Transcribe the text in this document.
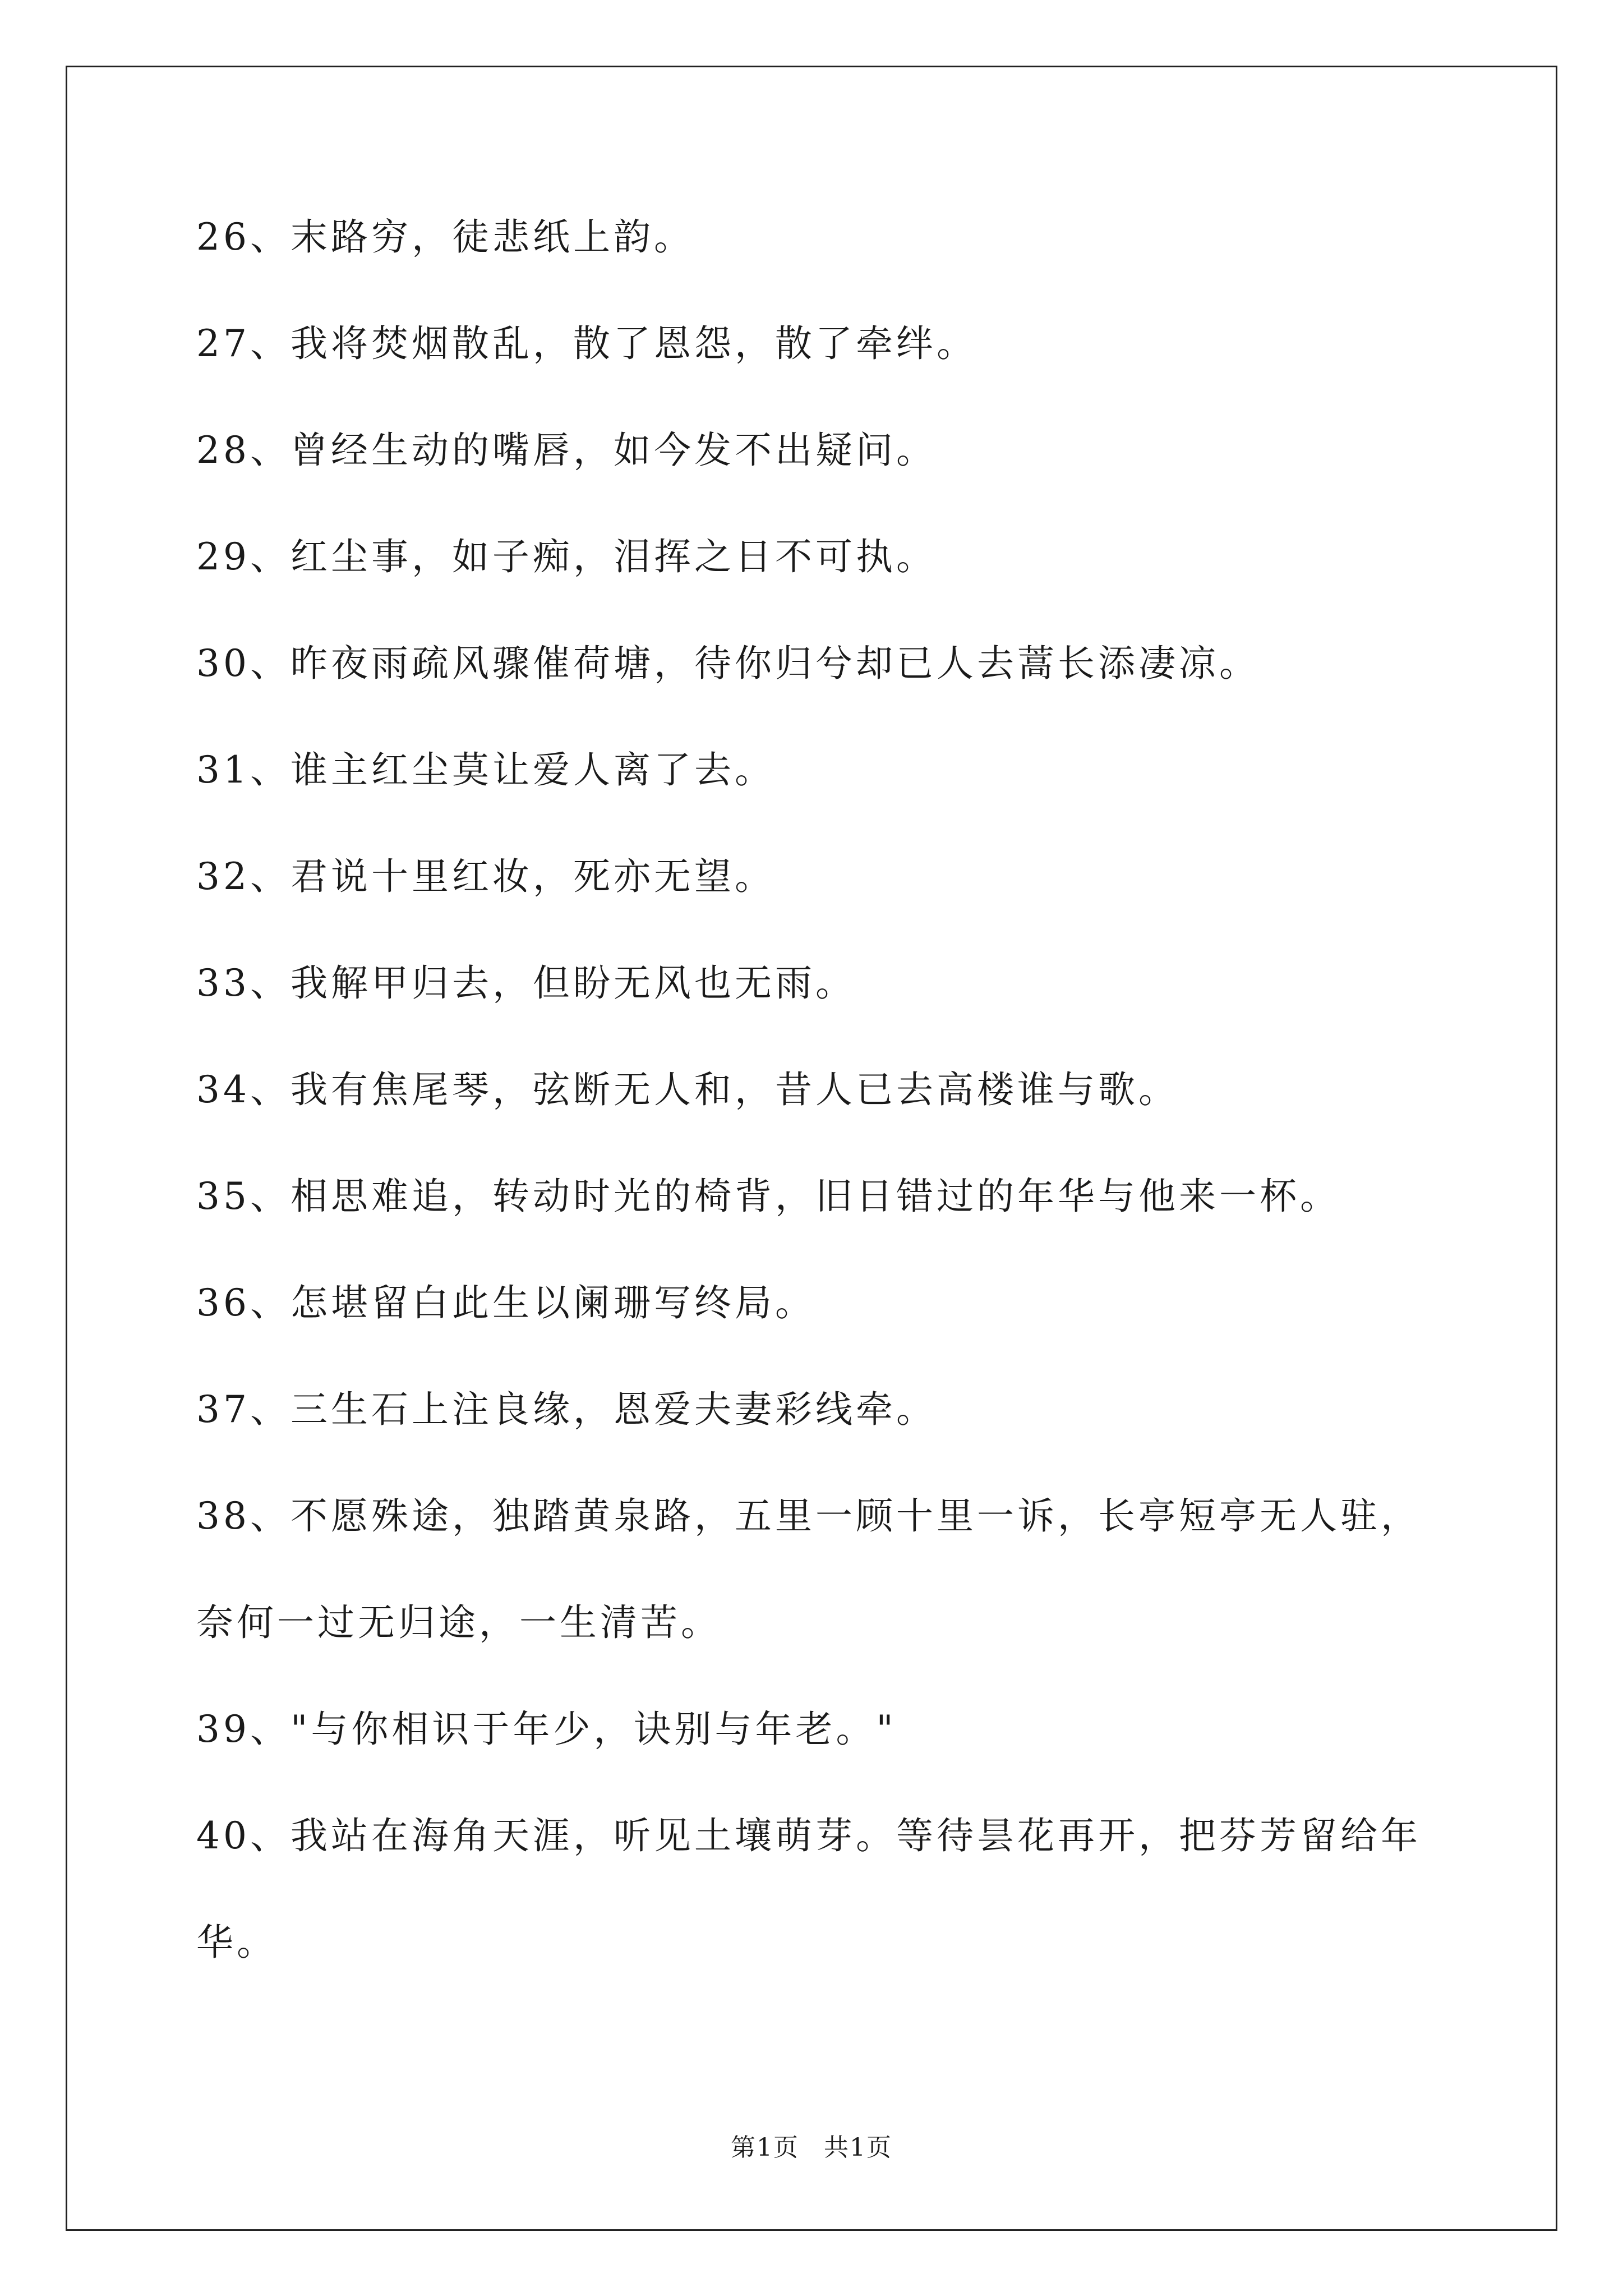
26、末路穷，徒悲纸上韵。
27、我将焚烟散乱，散了恩怨，散了牵绊。
28、曾经生动的嘴唇，如今发不出疑问。
29、红尘事，如子痴，泪挥之日不可执。
30、昨夜雨疏风骤催荷塘，待你归兮却已人去蒿长添凄凉。
31、谁主红尘莫让爱人离了去。
32、君说十里红妆，死亦无望。
33、我解甲归去，但盼无风也无雨。
34、我有焦尾琴，弦断无人和，昔人已去高楼谁与歌。
35、相思难追，转动时光的椅背，旧日错过的年华与他来一杯。
36、怎堪留白此生以阑珊写终局。
37、三生石上注良缘，恩爱夫妻彩线牵。
38、不愿殊途，独踏黄泉路，五里一顾十里一诉，长亭短亭无人驻，
奈何一过无归途，一生清苦。
39、"与你相识于年少，诀别与年老。"
40、我站在海角天涯，听见土壤萌芽。等待昙花再开，把芬芳留给年
华。
第1页 共1页
